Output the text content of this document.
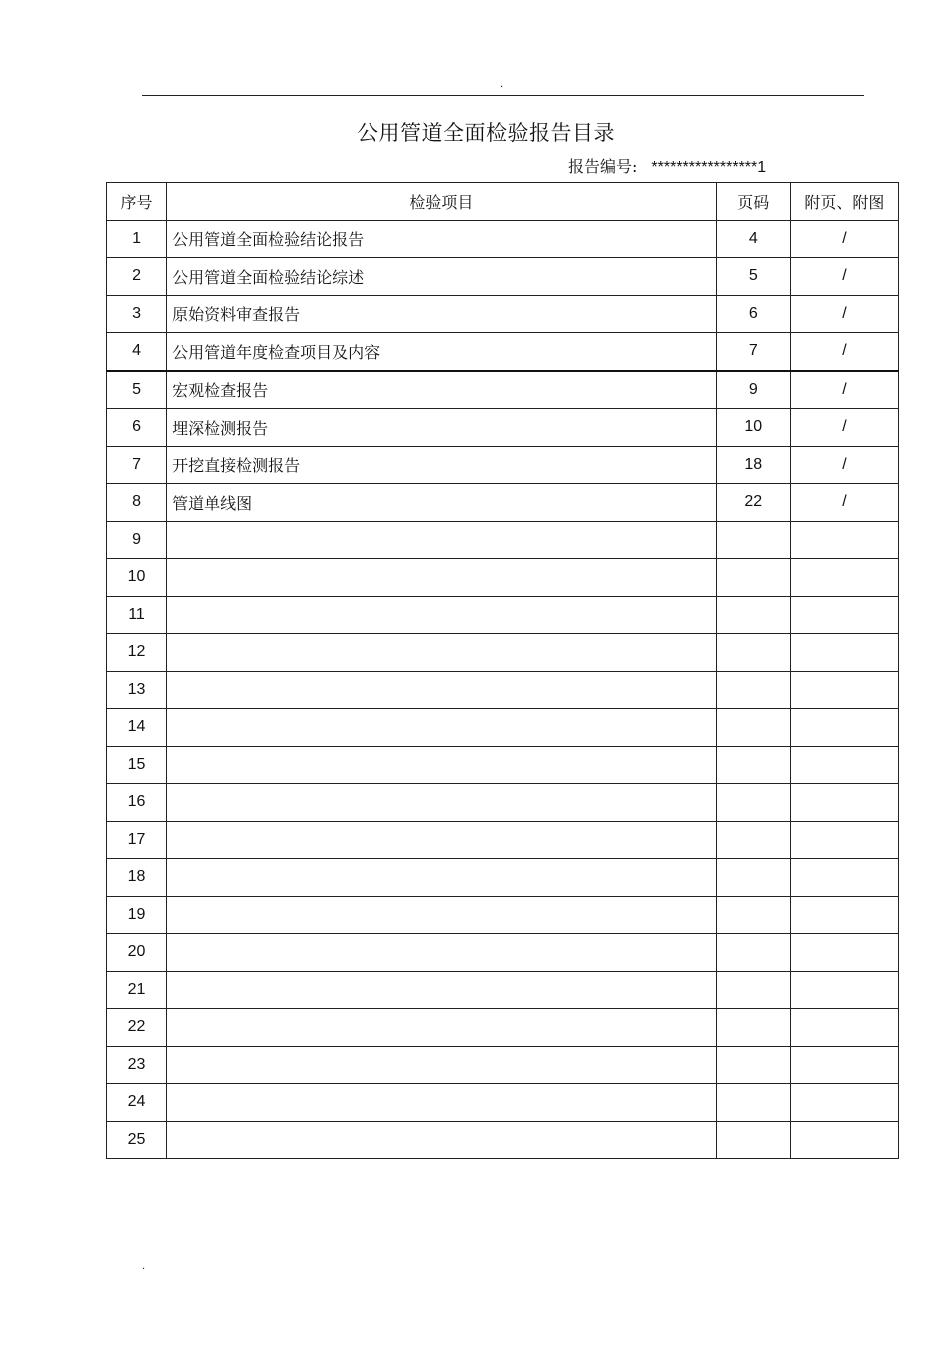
.
公用管道全面检验报告目录
报告编号: *****************1
序号	检验项目	页码	附页、附图
1	公用管道全面检验结论报告	4	/
2	公用管道全面检验结论综述	5	/
3	原始资料审查报告	6	/
4	公用管道年度检查项目及内容	7	/
5	宏观检查报告	9	/
6	埋深检测报告	10	/
7	开挖直接检测报告	18	/
8	管道单线图	22	/
9			
10			
11			
12			
13			
14			
15			
16			
17			
18			
19			
20			
21			
22			
23			
24			
25			
.
